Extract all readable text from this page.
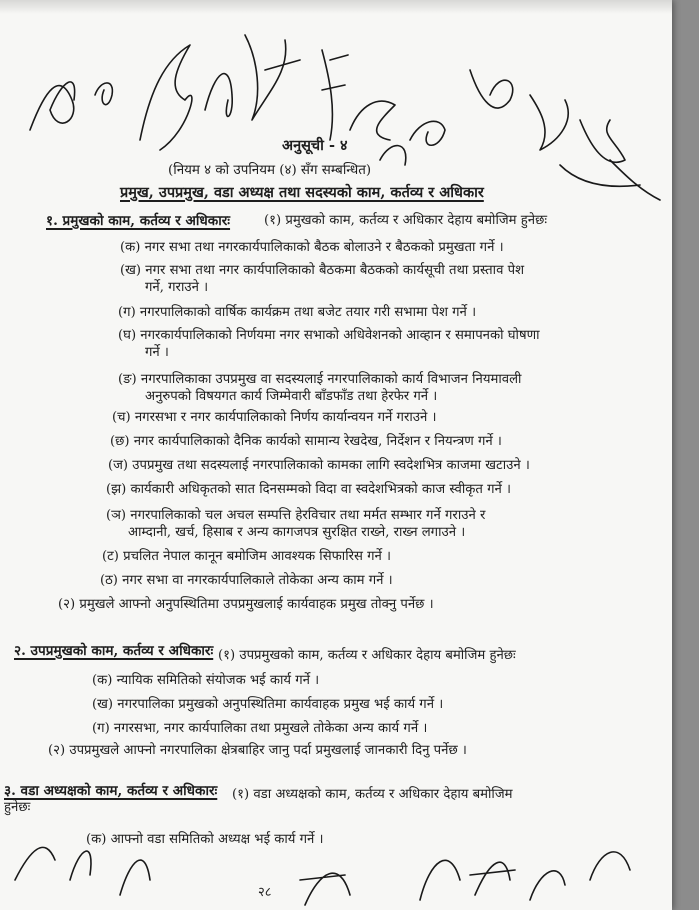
अनुसूची - ४
(नियम ४ को उपनियम (४) सँग सम्बन्धित)
प्रमुख, उपप्रमुख, वडा अध्यक्ष तथा सदस्यको काम, कर्तव्य र अधिकार
१. प्रमुखको काम, कर्तव्य र अधिकारः	(१) प्रमुखको काम, कर्तव्य र अधिकार देहाय बमोजिम हुनेछः
(क) नगर सभा तथा नगरकार्यपालिकाको बैठक बोलाउने र बैठकको प्रमुखता गर्ने ।
(ख) नगर सभा तथा नगर कार्यपालिकाको बैठकमा बैठकको कार्यसूची तथा प्रस्ताव पेश
गर्ने, गराउने ।
(ग) नगरपालिकाको वार्षिक कार्यक्रम तथा बजेट तयार गरी सभामा पेश गर्ने ।
(घ) नगरकार्यपालिकाको निर्णयमा नगर सभाको अधिवेशनको आव्हान र समापनको घोषणा
गर्ने ।
(ङ) नगरपालिकाका उपप्रमुख वा सदस्यलाई नगरपालिकाको कार्य विभाजन नियमावली
अनुरुपको विषयगत कार्य जिम्मेवारी बाँडफाँड तथा हेरफेर गर्ने ।
(च) नगरसभा र नगर कार्यपालिकाको निर्णय कार्यान्वयन गर्ने गराउने ।
(छ) नगर कार्यपालिकाको दैनिक कार्यको सामान्य रेखदेख, निर्देशन र नियन्त्रण गर्ने ।
(ज) उपप्रमुख तथा सदस्यलाई नगरपालिकाको कामका लागि स्वदेशभित्र काजमा खटाउने ।
(झ) कार्यकारी अधिकृतको सात दिनसम्मको विदा वा स्वदेशभित्रको काज स्वीकृत गर्ने ।
(ञ) नगरपालिकाको चल अचल सम्पत्ति हेरविचार तथा मर्मत सम्भार गर्ने गराउने र
आम्दानी, खर्च, हिसाब र अन्य कागजपत्र सुरक्षित राख्ने, राख्न लगाउने ।
(ट) प्रचलित नेपाल कानून बमोजिम आवश्यक सिफारिस गर्ने ।
(ठ) नगर सभा वा नगरकार्यपालिकाले तोकेका अन्य काम गर्ने ।
(२) प्रमुखले आफ्नो अनुपस्थितिमा उपप्रमुखलाई कार्यवाहक प्रमुख तोक्नु पर्नेछ ।
२. उपप्रमुखको काम, कर्तव्य र अधिकारः (१) उपप्रमुखको काम, कर्तव्य र अधिकार देहाय बमोजिम हुनेछः
(क) न्यायिक समितिको संयोजक भई कार्य गर्ने ।
(ख) नगरपालिका प्रमुखको अनुपस्थितिमा कार्यवाहक प्रमुख भई कार्य गर्ने ।
(ग) नगरसभा, नगर कार्यपालिका तथा प्रमुखले तोकेका अन्य कार्य गर्ने ।
(२) उपप्रमुखले आफ्नो नगरपालिका क्षेत्रबाहिर जानु पर्दा प्रमुखलाई जानकारी दिनु पर्नेछ ।
३. वडा अध्यक्षको काम, कर्तव्य र अधिकारः (१) वडा अध्यक्षको काम, कर्तव्य र अधिकार देहाय बमोजिम
हुनेछः
(क) आफ्नो वडा समितिको अध्यक्ष भई कार्य गर्ने ।
२८
